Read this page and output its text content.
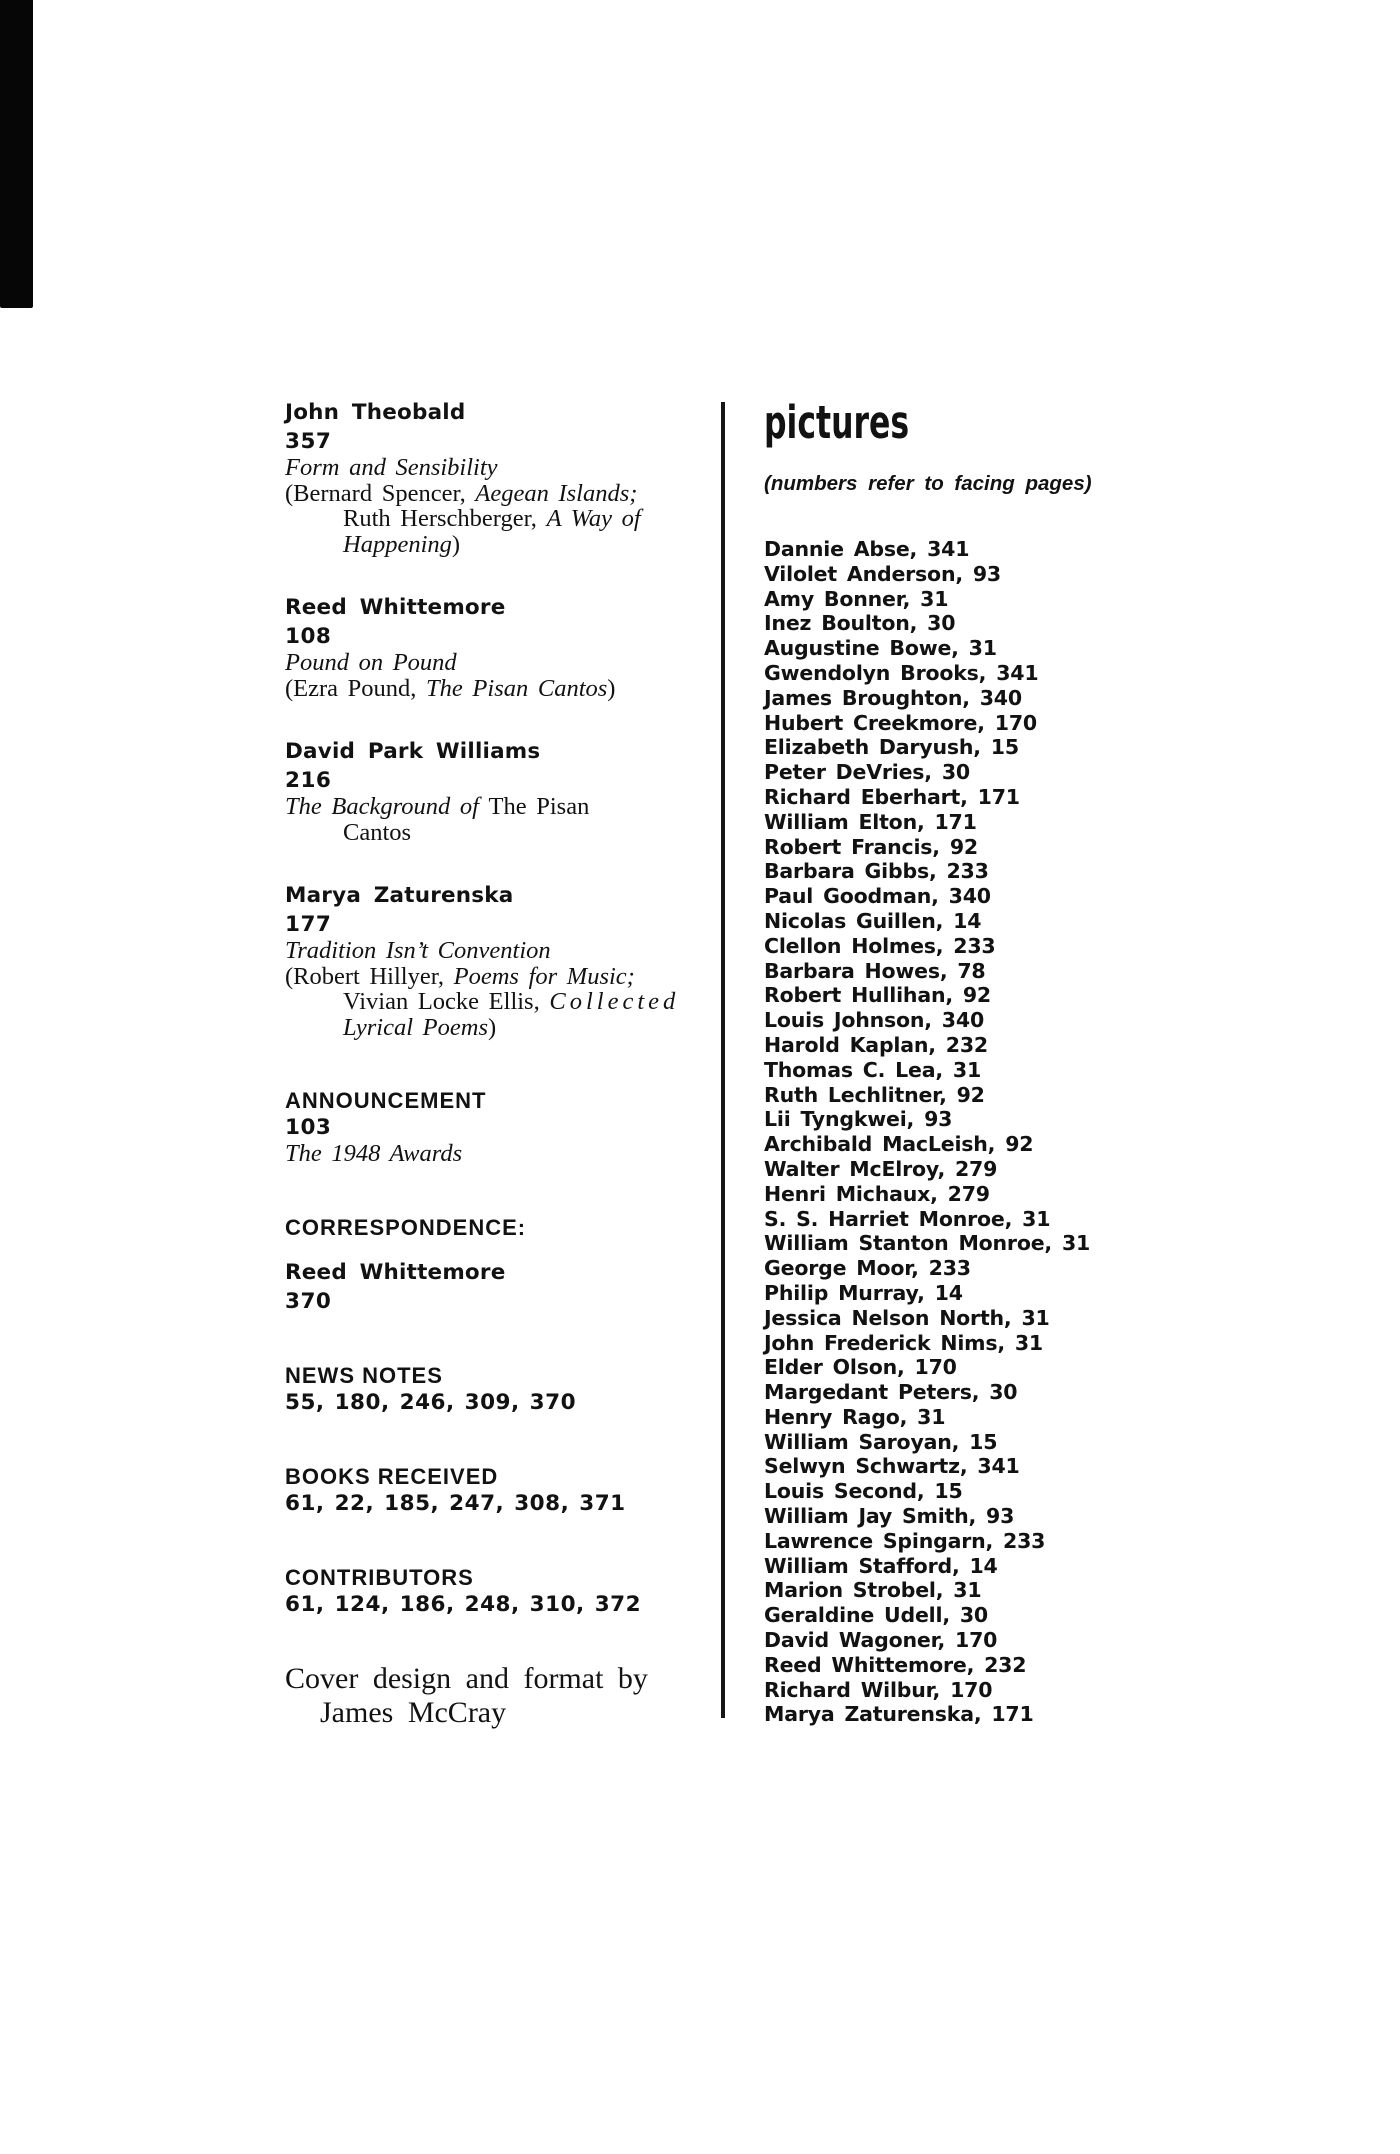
John Theobald
357
Form and Sensibility
(Bernard Spencer, Aegean Islands;
Ruth Herschberger, A Way of
Happening)
Reed Whittemore
108
Pound on Pound
(Ezra Pound, The Pisan Cantos)
David Park Williams
216
The Background of The Pisan
Cantos
Marya Zaturenska
177
Tradition Isn’t Convention
(Robert Hillyer, Poems for Music;
Vivian Locke Ellis, Collected
Lyrical Poems)
ANNOUNCEMENT
103
The 1948 Awards
CORRESPONDENCE:
Reed Whittemore
370
NEWS NOTES
55, 180, 246, 309, 370
BOOKS RECEIVED
61, 22, 185, 247, 308, 371
CONTRIBUTORS
61, 124, 186, 248, 310, 372
Cover design and format by
James McCray
pictures
(numbers refer to facing pages)
Dannie Abse, 341
Vilolet Anderson, 93
Amy Bonner, 31
Inez Boulton, 30
Augustine Bowe, 31
Gwendolyn Brooks, 341
James Broughton, 340
Hubert Creekmore, 170
Elizabeth Daryush, 15
Peter DeVries, 30
Richard Eberhart, 171
William Elton, 171
Robert Francis, 92
Barbara Gibbs, 233
Paul Goodman, 340
Nicolas Guillen, 14
Clellon Holmes, 233
Barbara Howes, 78
Robert Hullihan, 92
Louis Johnson, 340
Harold Kaplan, 232
Thomas C. Lea, 31
Ruth Lechlitner, 92
Lii Tyngkwei, 93
Archibald MacLeish, 92
Walter McElroy, 279
Henri Michaux, 279
S. S. Harriet Monroe, 31
William Stanton Monroe, 31
George Moor, 233
Philip Murray, 14
Jessica Nelson North, 31
John Frederick Nims, 31
Elder Olson, 170
Margedant Peters, 30
Henry Rago, 31
William Saroyan, 15
Selwyn Schwartz, 341
Louis Second, 15
William Jay Smith, 93
Lawrence Spingarn, 233
William Stafford, 14
Marion Strobel, 31
Geraldine Udell, 30
David Wagoner, 170
Reed Whittemore, 232
Richard Wilbur, 170
Marya Zaturenska, 171
